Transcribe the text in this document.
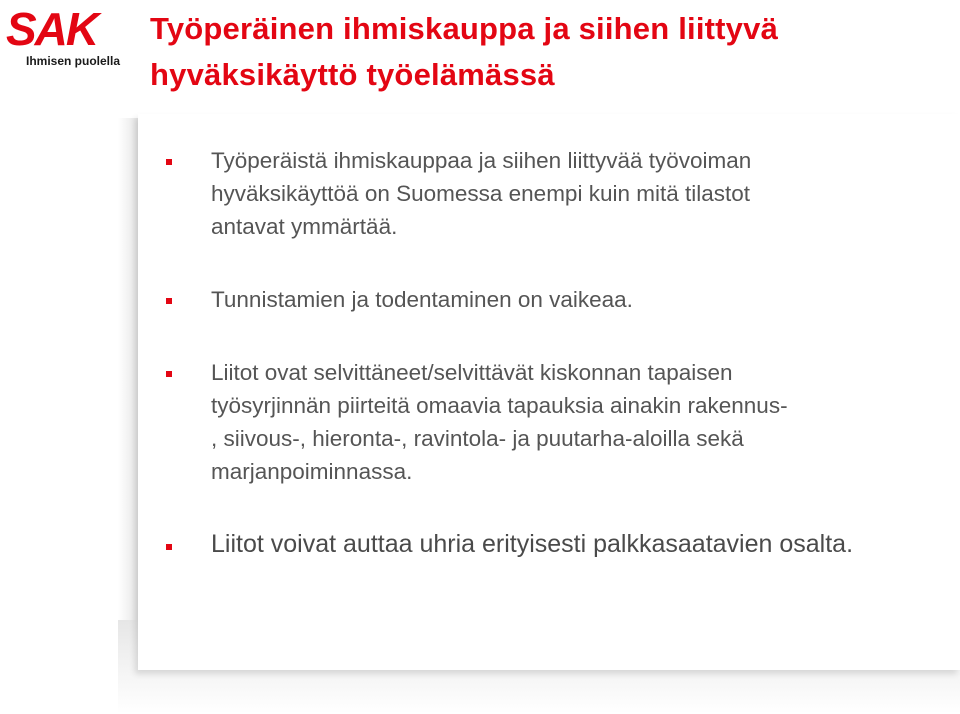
SAK
Ihmisen puolella
Työperäinen ihmiskauppa ja siihen liittyvä
hyväksikäyttö työelämässä
Työperäistä ihmiskauppaa ja siihen liittyvää työvoiman
hyväksikäyttöä on Suomessa enempi kuin mitä tilastot
antavat ymmärtää.
Tunnistamien ja todentaminen on vaikeaa.
Liitot ovat selvittäneet/selvittävät kiskonnan tapaisen
työsyrjinnän piirteitä omaavia tapauksia ainakin rakennus-
, siivous-, hieronta-, ravintola- ja puutarha-aloilla sekä
marjanpoiminnassa.
Liitot voivat auttaa uhria erityisesti palkkasaatavien osalta.
